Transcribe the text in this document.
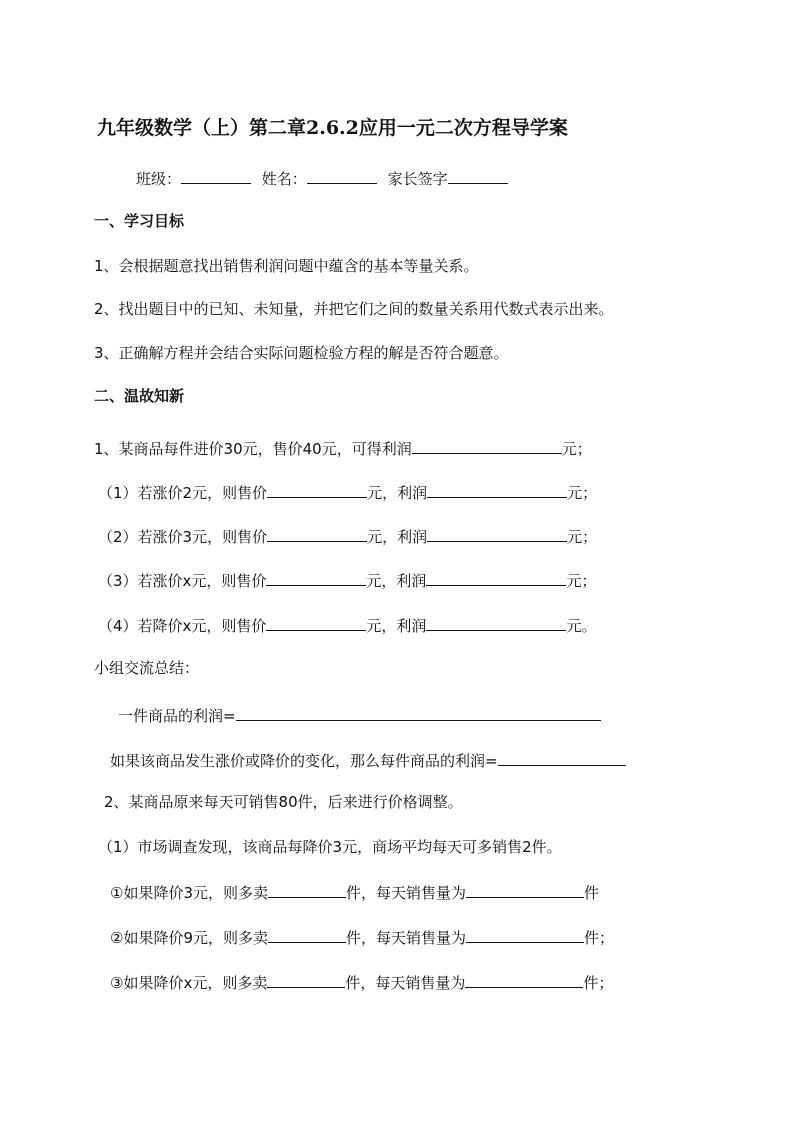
九年级数学（上）第二章2.6.2应用一元二次方程导学案
班级：	姓名：	家长签字
一、学习目标
1、会根据题意找出销售利润问题中蕴含的基本等量关系。
2、找出题目中的已知、未知量，并把它们之间的数量关系用代数式表示出来。
3、正确解方程并会结合实际问题检验方程的解是否符合题意。
二、温故知新
1、某商品每件进价30元，售价40元，可得利润	元；
（1）若涨价2元，则售价	元，利润	元；
（2）若涨价3元，则售价	元，利润	元；
（3）若涨价x元，则售价	元，利润	元；
（4）若降价x元，则售价	元，利润	元。
小组交流总结：
一件商品的利润=
如果该商品发生涨价或降价的变化，那么每件商品的利润=
2、某商品原来每天可销售80件，后来进行价格调整。
（1）市场调查发现，该商品每降价3元，商场平均每天可多销售2件。
①如果降价3元，则多卖	件，每天销售量为	件
②如果降价9元，则多卖	件，每天销售量为	件；
③如果降价x元，则多卖	件，每天销售量为	件；
